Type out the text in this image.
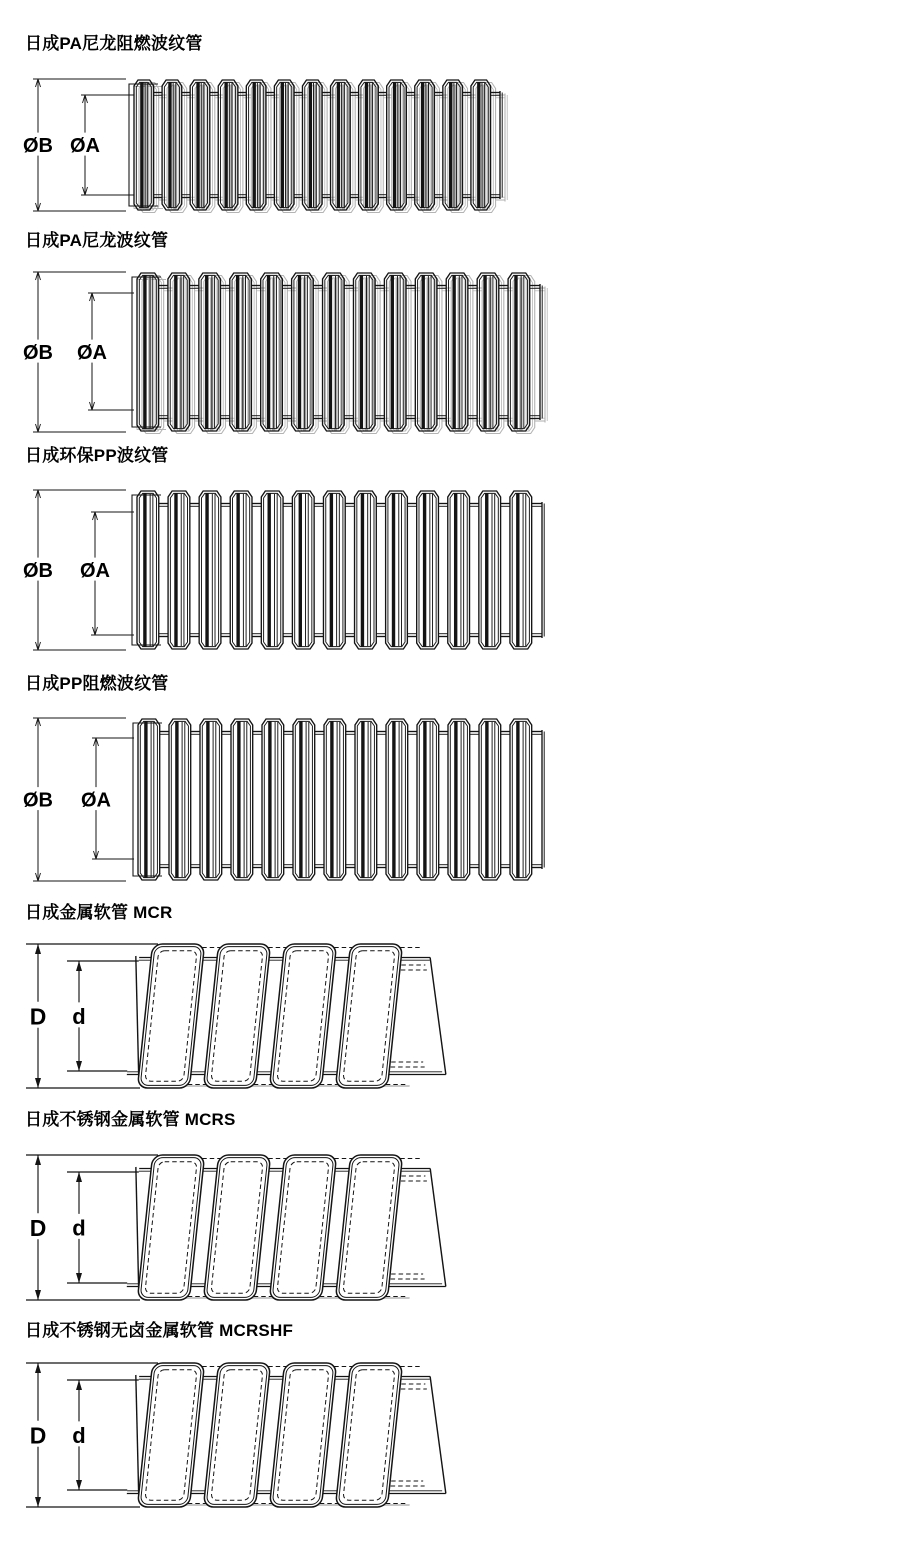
日成PA尼龙阻燃波纹管
ØB ØA
日成PA尼龙波纹管
ØB ØA
日成环保PP波纹管
ØB ØA
日成PP阻燃波纹管
ØB ØA
日成金属软管 MCR
D d
日成不锈钢金属软管 MCRS
D d
日成不锈钢无卤金属软管 MCRSHF
D d
